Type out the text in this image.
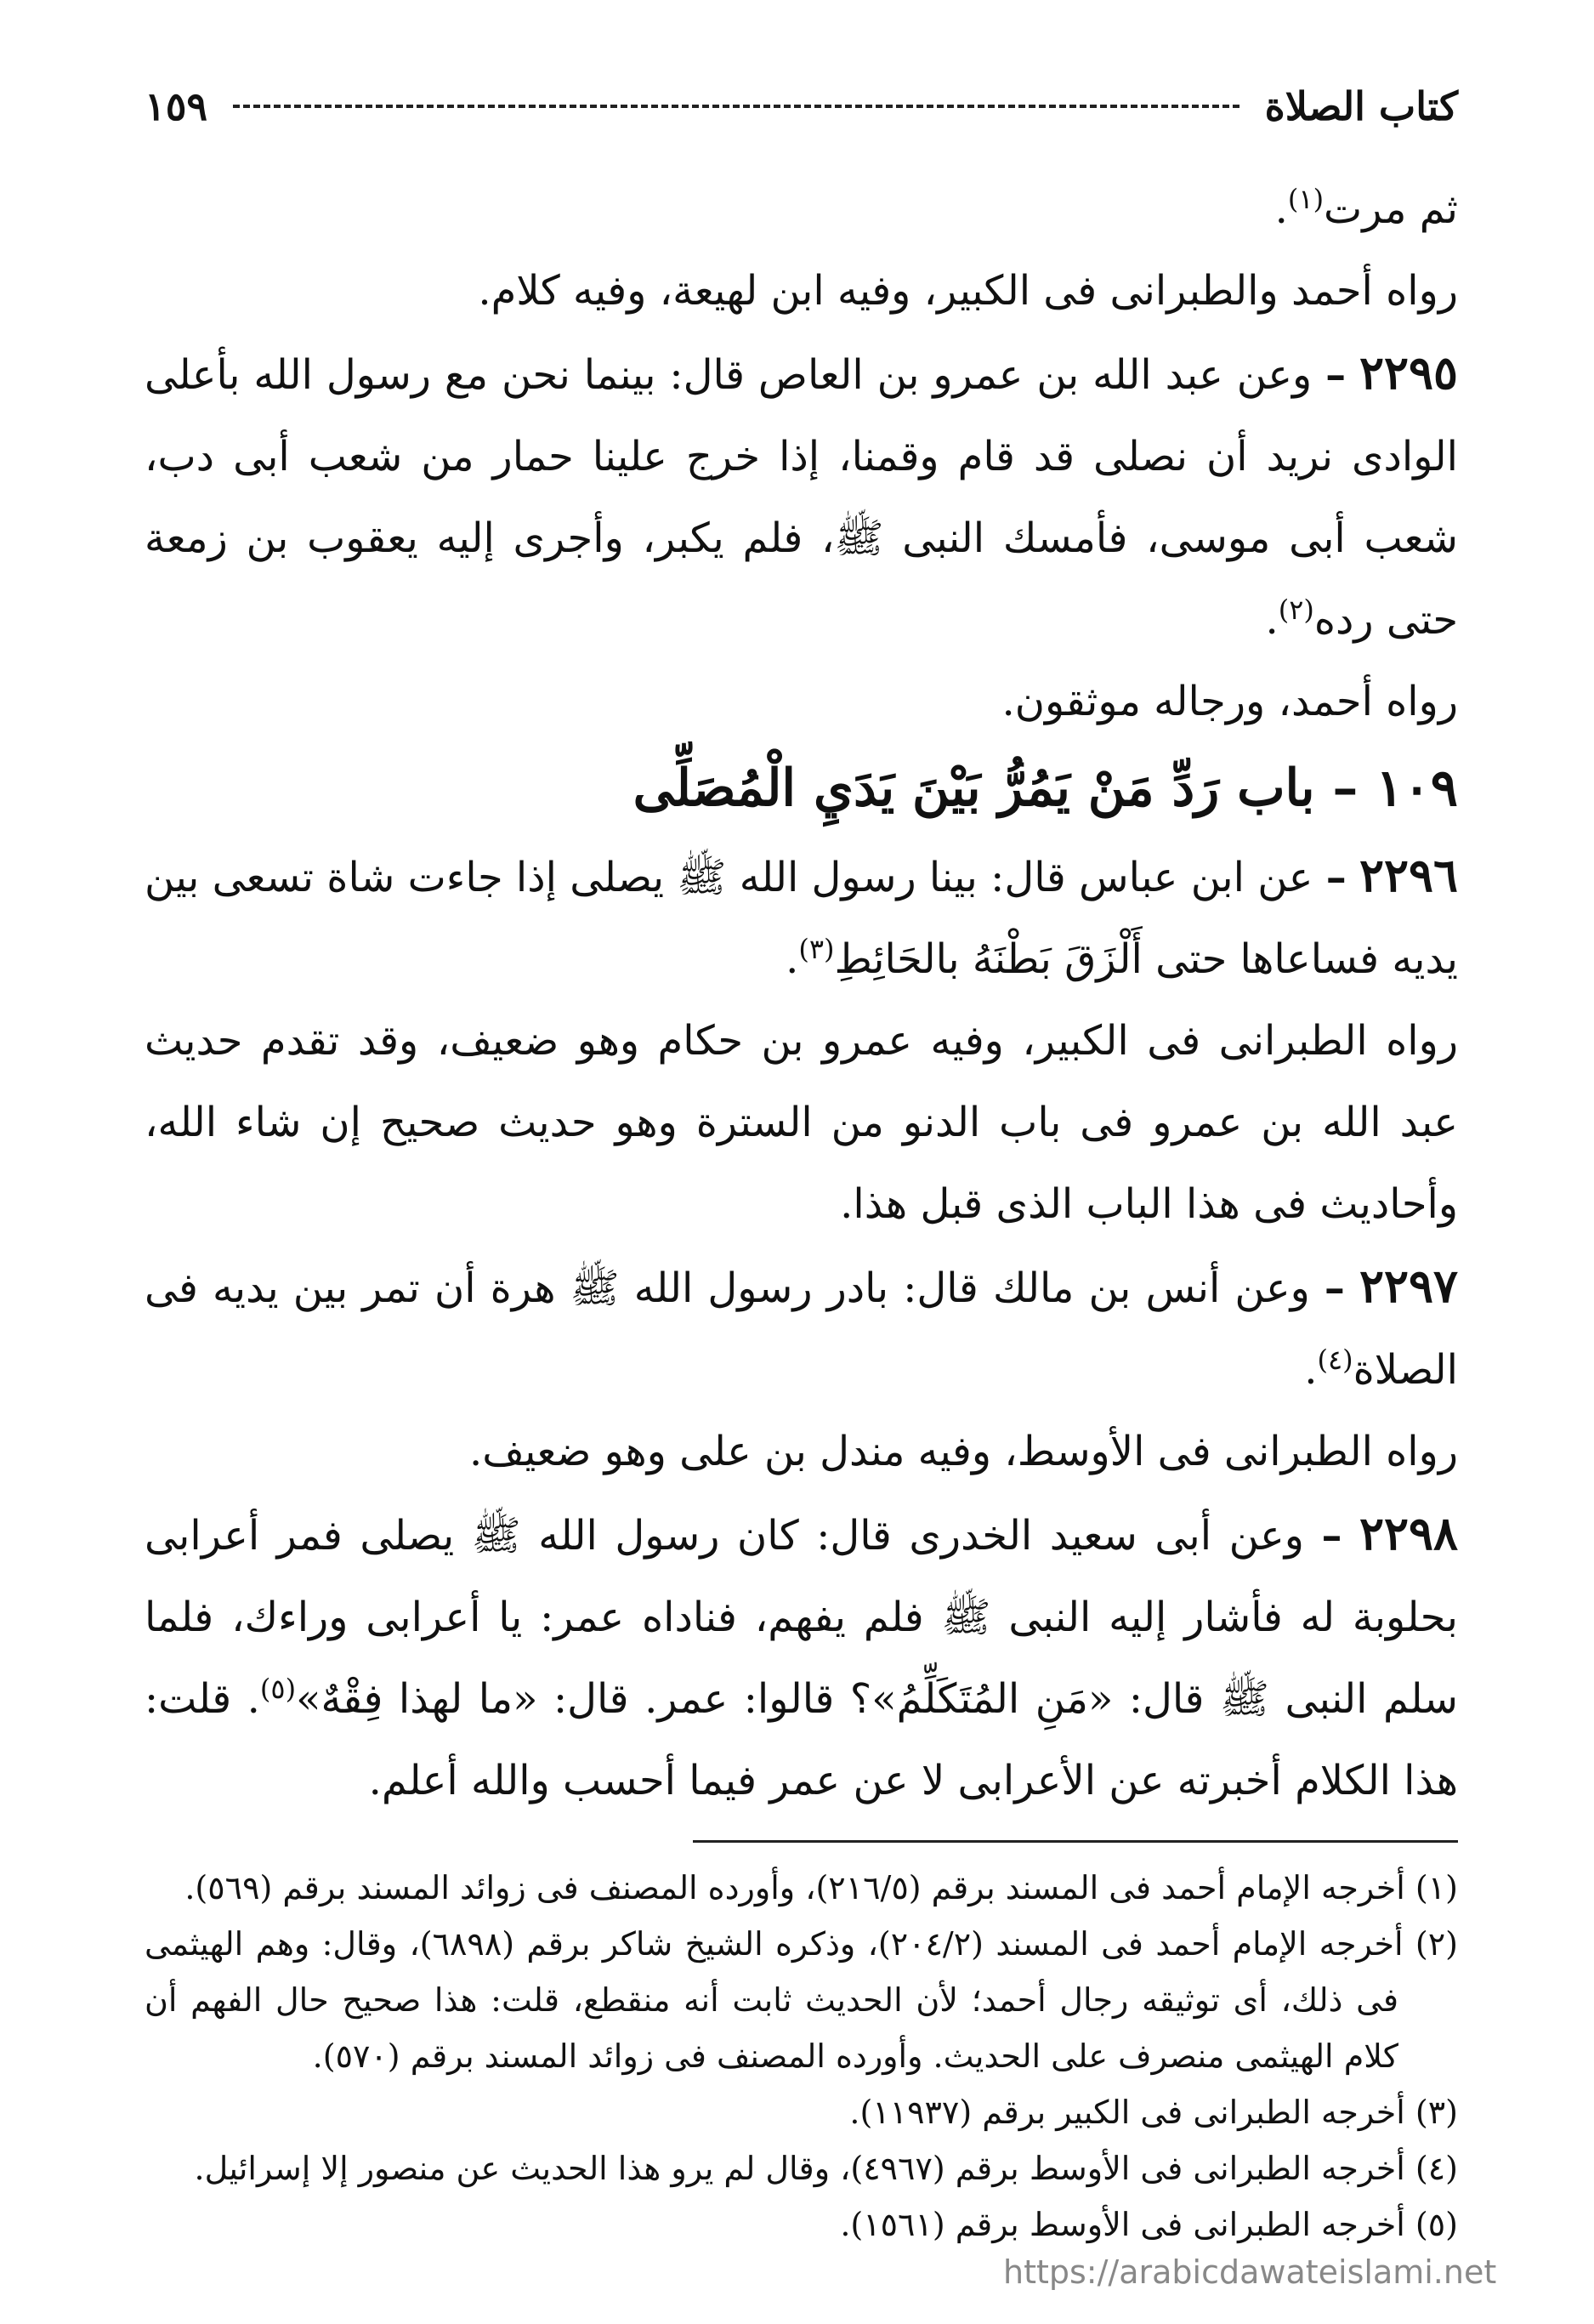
كتاب الصلاة
١٥٩

ثم مرت$^{(١)}$.

رواه أحمد والطبرانى فى الكبير، وفيه ابن لهيعة، وفيه كلام.

٢٢٩٥ – وعن عبد الله بن عمرو بن العاص قال: بينما نحن مع رسول الله بأعلى الوادى نريد أن نصلى قد قام وقمنا، إذا خرج علينا حمار من شعب أبى دب، شعب أبى موسى، فأمسك النبى ﷺ، فلم يكبر، وأجرى إليه يعقوب بن زمعة حتى رده$^{(٢)}$.

رواه أحمد، ورجاله موثقون.

١٠٩ – باب رَدِّ مَنْ يَمُرُّ بَيْنَ يَدَيِ الْمُصَلِّى

٢٢٩٦ – عن ابن عباس قال: بينا رسول الله ﷺ يصلى إذا جاءت شاة تسعى بين يديه فساعاها حتى أَلْزَقَ بَطْنَهُ بالحَائِطِ$^{(٣)}$.

رواه الطبرانى فى الكبير، وفيه عمرو بن حكام وهو ضعيف، وقد تقدم حديث عبد الله بن عمرو فى باب الدنو من السترة وهو حديث صحيح إن شاء الله، وأحاديث فى هذا الباب الذى قبل هذا.

٢٢٩٧ – وعن أنس بن مالك قال: بادر رسول الله ﷺ هرة أن تمر بين يديه فى الصلاة$^{(٤)}$.

رواه الطبرانى فى الأوسط، وفيه مندل بن على وهو ضعيف.

٢٢٩٨ – وعن أبى سعيد الخدرى قال: كان رسول الله ﷺ يصلى فمر أعرابى بحلوبة له فأشار إليه النبى ﷺ فلم يفهم، فناداه عمر: يا أعرابى وراءك، فلما سلم النبى ﷺ قال: «مَنِ المُتَكَلِّمُ»؟ قالوا: عمر. قال: «ما لهذا فِقْهٌ»$^{(٥)}$. قلت: هذا الكلام أخبرته عن الأعرابى لا عن عمر فيما أحسب والله أعلم.

(١) أخرجه الإمام أحمد فى المسند برقم (٢١٦/٥)، وأورده المصنف فى زوائد المسند برقم (٥٦٩).
(٢) أخرجه الإمام أحمد فى المسند (٢٠٤/٢)، وذكره الشيخ شاكر برقم (٦٨٩٨)، وقال: وهم الهيثمى فى ذلك، أى توثيقه رجال أحمد؛ لأن الحديث ثابت أنه منقطع، قلت: هذا صحيح حال الفهم أن كلام الهيثمى منصرف على الحديث. وأورده المصنف فى زوائد المسند برقم (٥٧٠).
(٣) أخرجه الطبرانى فى الكبير برقم (١١٩٣٧).
(٤) أخرجه الطبرانى فى الأوسط برقم (٤٩٦٧)، وقال لم يرو هذا الحديث عن منصور إلا إسرائيل.
(٥) أخرجه الطبرانى فى الأوسط برقم (١٥٦١).
https://arabicdawateislami.net
